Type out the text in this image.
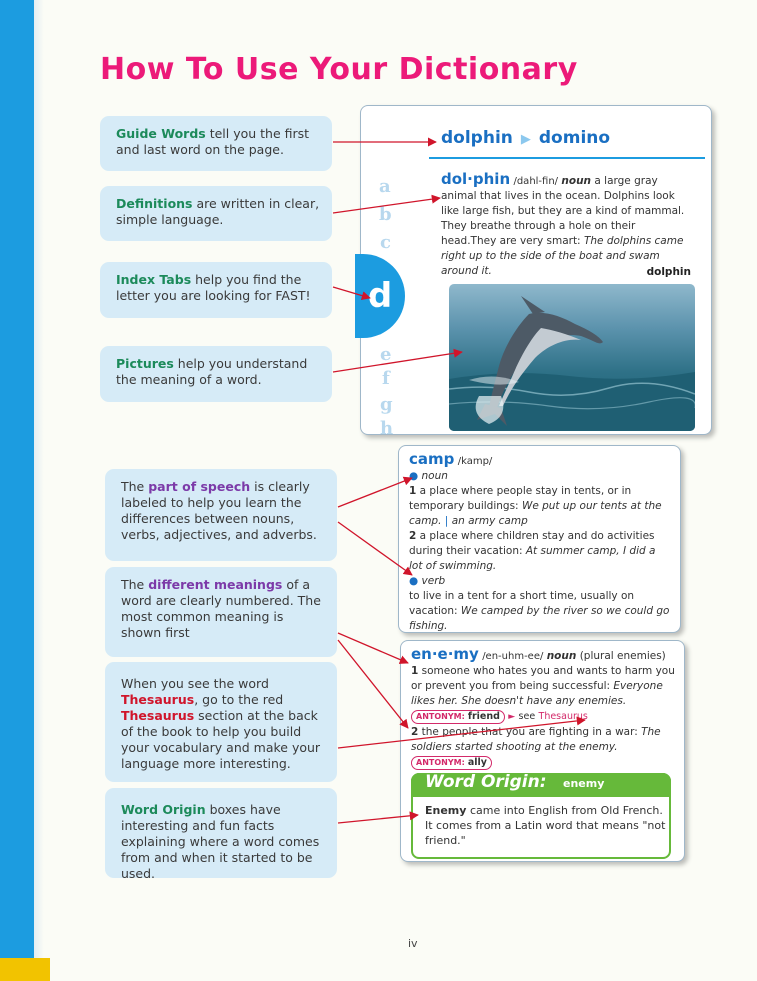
How To Use Your Dictionary
Guide Words tell you the first and last word on the page.
Definitions are written in clear, simple language.
Index Tabs help you find the letter you are looking for FAST!
Pictures help you understand the meaning of a word.
The part of speech is clearly labeled to help you learn the differences between nouns, verbs, adjectives, and adverbs.
The different meanings of a word are clearly numbered. The most common meaning is shown first
When you see the word Thesaurus, go to the red Thesaurus section at the back of the book to help you build your vocabulary and make your language more interesting.
Word Origin boxes have interesting and fun facts explaining where a word comes from and when it started to be used.
dolphin ▶ domino
a
b
c
d
e
f
g
h
dol·phin /dahl-fin/ noun a large gray animal that lives in the ocean. Dolphins look like large fish, but they are a kind of mammal. They breathe through a hole on their head.They are very smart: The dolphins came right up to the side of the boat and swam around it.	dolphin
camp /kamp/
● noun
1 a place where people stay in tents, or in temporary buildings: We put up our tents at the camp. | an army camp
2 a place where children stay and do activities during their vacation: At summer camp, I did a lot of swimming.
● verb
to live in a tent for a short time, usually on vacation: We camped by the river so we could go fishing.
en·e·my /en-uhm-ee/ noun (plural enemies)
1 someone who hates you and wants to harm you or prevent you from being successful: Everyone likes her. She doesn't have any enemies. ANTONYM: friend ► see Thesaurus
2 the people that you are fighting in a war: The soldiers started shooting at the enemy.
ANTONYM: ally
Word Origin: enemy
Enemy came into English from Old French. It comes from a Latin word that means "not friend."
iv
